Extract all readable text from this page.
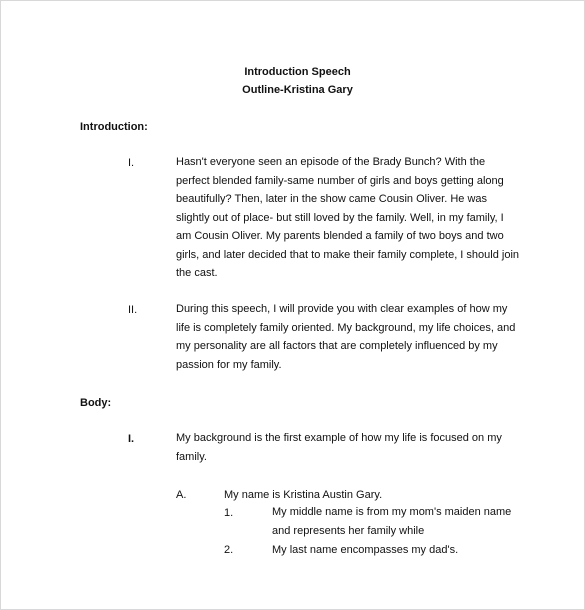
Introduction Speech
Outline-Kristina Gary
Introduction:
I.	Hasn't everyone seen an episode of the Brady Bunch? With the perfect blended family-same number of girls and boys getting along beautifully? Then, later in the show came Cousin Oliver. He was slightly out of place- but still loved by the family. Well, in my family, I am Cousin Oliver. My parents blended a family of two boys and two girls, and later decided that to make their family complete, I should join the cast.
II.	During this speech, I will provide you with clear examples of how my life is completely family oriented. My background, my life choices, and my personality are all factors that are completely influenced by my passion for my family.
Body:
I.	My background is the first example of how my life is focused on my family.
A.	My name is Kristina Austin Gary.
1.	My middle name is from my mom's maiden name and represents her family while
2.	My last name encompasses my dad's.
